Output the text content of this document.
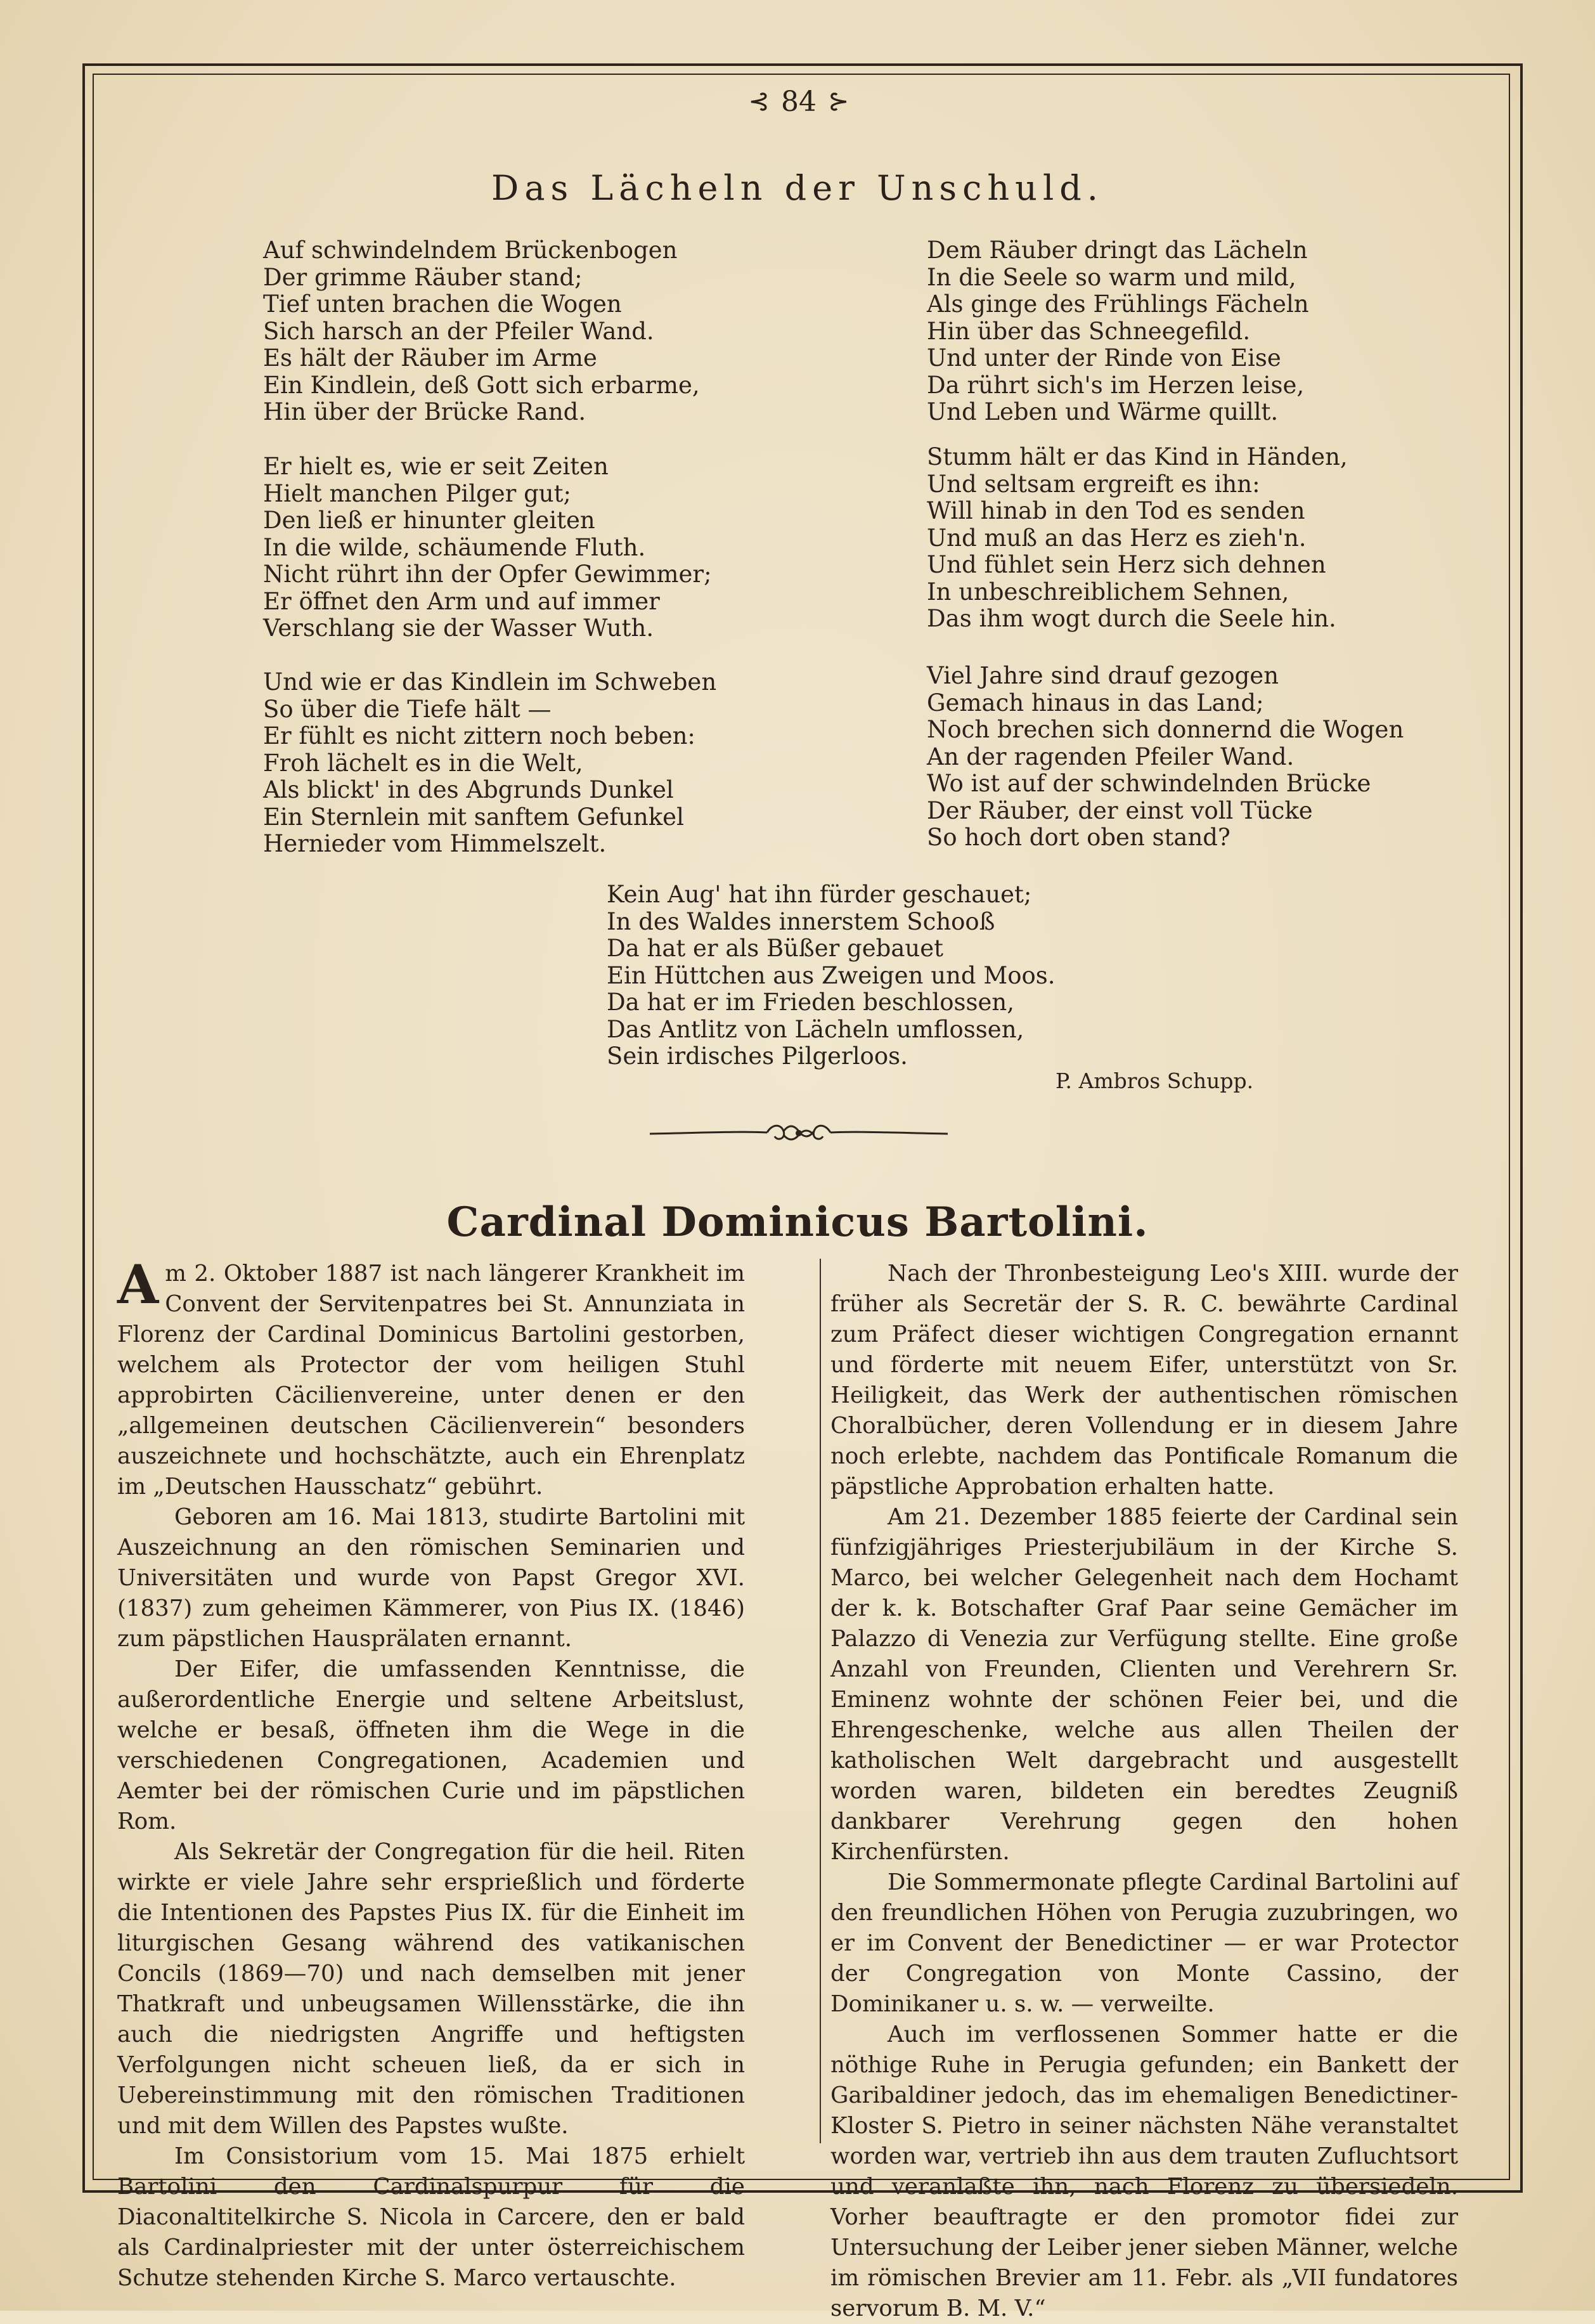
⊰ 84 ⊱
Das Lächeln der Unschuld.
Auf schwindelndem Brückenbogen
Der grimme Räuber stand;
Tief unten brachen die Wogen
Sich harsch an der Pfeiler Wand.
Es hält der Räuber im Arme
Ein Kindlein, deß Gott sich erbarme,
Hin über der Brücke Rand.
Er hielt es, wie er seit Zeiten
Hielt manchen Pilger gut;
Den ließ er hinunter gleiten
In die wilde, schäumende Fluth.
Nicht rührt ihn der Opfer Gewimmer;
Er öffnet den Arm und auf immer
Verschlang sie der Wasser Wuth.
Und wie er das Kindlein im Schweben
So über die Tiefe hält —
Er fühlt es nicht zittern noch beben:
Froh lächelt es in die Welt,
Als blickt' in des Abgrunds Dunkel
Ein Sternlein mit sanftem Gefunkel
Hernieder vom Himmelszelt.
Dem Räuber dringt das Lächeln
In die Seele so warm und mild,
Als ginge des Frühlings Fächeln
Hin über das Schneegefild.
Und unter der Rinde von Eise
Da rührt sich's im Herzen leise,
Und Leben und Wärme quillt.
Stumm hält er das Kind in Händen,
Und seltsam ergreift es ihn:
Will hinab in den Tod es senden
Und muß an das Herz es zieh'n.
Und fühlet sein Herz sich dehnen
In unbeschreiblichem Sehnen,
Das ihm wogt durch die Seele hin.
Viel Jahre sind drauf gezogen
Gemach hinaus in das Land;
Noch brechen sich donnernd die Wogen
An der ragenden Pfeiler Wand.
Wo ist auf der schwindelnden Brücke
Der Räuber, der einst voll Tücke
So hoch dort oben stand?
Kein Aug' hat ihn fürder geschauet;
In des Waldes innerstem Schooß
Da hat er als Büßer gebauet
Ein Hüttchen aus Zweigen und Moos.
Da hat er im Frieden beschlossen,
Das Antlitz von Lächeln umflossen,
Sein irdisches Pilgerloos.
P. Ambros Schupp.
Cardinal Dominicus Bartolini.

Am 2. Oktober 1887 ist nach längerer Krankheit im Convent der Servitenpatres bei St. Annunziata in Florenz der Cardinal Dominicus Bartolini gestorben, welchem als Protector der vom heiligen Stuhl approbirten Cäcilienvereine, unter denen er den „allgemeinen deutschen Cäcilienverein“ besonders auszeichnete und hochschätzte, auch ein Ehrenplatz im „Deutschen Hausschatz“ gebührt.

Geboren am 16. Mai 1813, studirte Bartolini mit Auszeichnung an den römischen Seminarien und Universitäten und wurde von Papst Gregor XVI. (1837) zum geheimen Kämmerer, von Pius IX. (1846) zum päpstlichen Hausprälaten ernannt.

Der Eifer, die umfassenden Kenntnisse, die außerordentliche Energie und seltene Arbeitslust, welche er besaß, öffneten ihm die Wege in die verschiedenen Congregationen, Academien und Aemter bei der römischen Curie und im päpstlichen Rom.

Als Sekretär der Congregation für die heil. Riten wirkte er viele Jahre sehr ersprießlich und förderte die Intentionen des Papstes Pius IX. für die Einheit im liturgischen Gesang während des vatikanischen Concils (1869—70) und nach demselben mit jener Thatkraft und unbeugsamen Willensstärke, die ihn auch die niedrigsten Angriffe und heftigsten Verfolgungen nicht scheuen ließ, da er sich in Uebereinstimmung mit den römischen Traditionen und mit dem Willen des Papstes wußte.

Im Consistorium vom 15. Mai 1875 erhielt Bartolini den Cardinalspurpur für die Diaconaltitelkirche S. Nicola in Carcere, den er bald als Cardinalpriester mit der unter österreichischem Schutze stehenden Kirche S. Marco vertauschte.

Nach der Thronbesteigung Leo's XIII. wurde der früher als Secretär der S. R. C. bewährte Cardinal zum Präfect dieser wichtigen Congregation ernannt und förderte mit neuem Eifer, unterstützt von Sr. Heiligkeit, das Werk der authentischen römischen Choralbücher, deren Vollendung er in diesem Jahre noch erlebte, nachdem das Pontificale Romanum die päpstliche Approbation erhalten hatte.

Am 21. Dezember 1885 feierte der Cardinal sein fünfzigjähriges Priesterjubiläum in der Kirche S. Marco, bei welcher Gelegenheit nach dem Hochamt der k. k. Botschafter Graf Paar seine Gemächer im Palazzo di Venezia zur Verfügung stellte. Eine große Anzahl von Freunden, Clienten und Verehrern Sr. Eminenz wohnte der schönen Feier bei, und die Ehrengeschenke, welche aus allen Theilen der katholischen Welt dargebracht und ausgestellt worden waren, bildeten ein beredtes Zeugniß dankbarer Verehrung gegen den hohen Kirchenfürsten.

Die Sommermonate pflegte Cardinal Bartolini auf den freundlichen Höhen von Perugia zuzubringen, wo er im Convent der Benedictiner — er war Protector der Congregation von Monte Cassino, der Dominikaner u. s. w. — verweilte.

Auch im verflossenen Sommer hatte er die nöthige Ruhe in Perugia gefunden; ein Bankett der Garibaldiner jedoch, das im ehemaligen Benedictiner-Kloster S. Pietro in seiner nächsten Nähe veranstaltet worden war, vertrieb ihn aus dem trauten Zufluchtsort und veranlaßte ihn, nach Florenz zu übersiedeln. Vorher beauftragte er den promotor fidei zur Untersuchung der Leiber jener sieben Männer, welche im römischen Brevier am 11. Febr. als „VII fundatores servorum B. M. V.“
